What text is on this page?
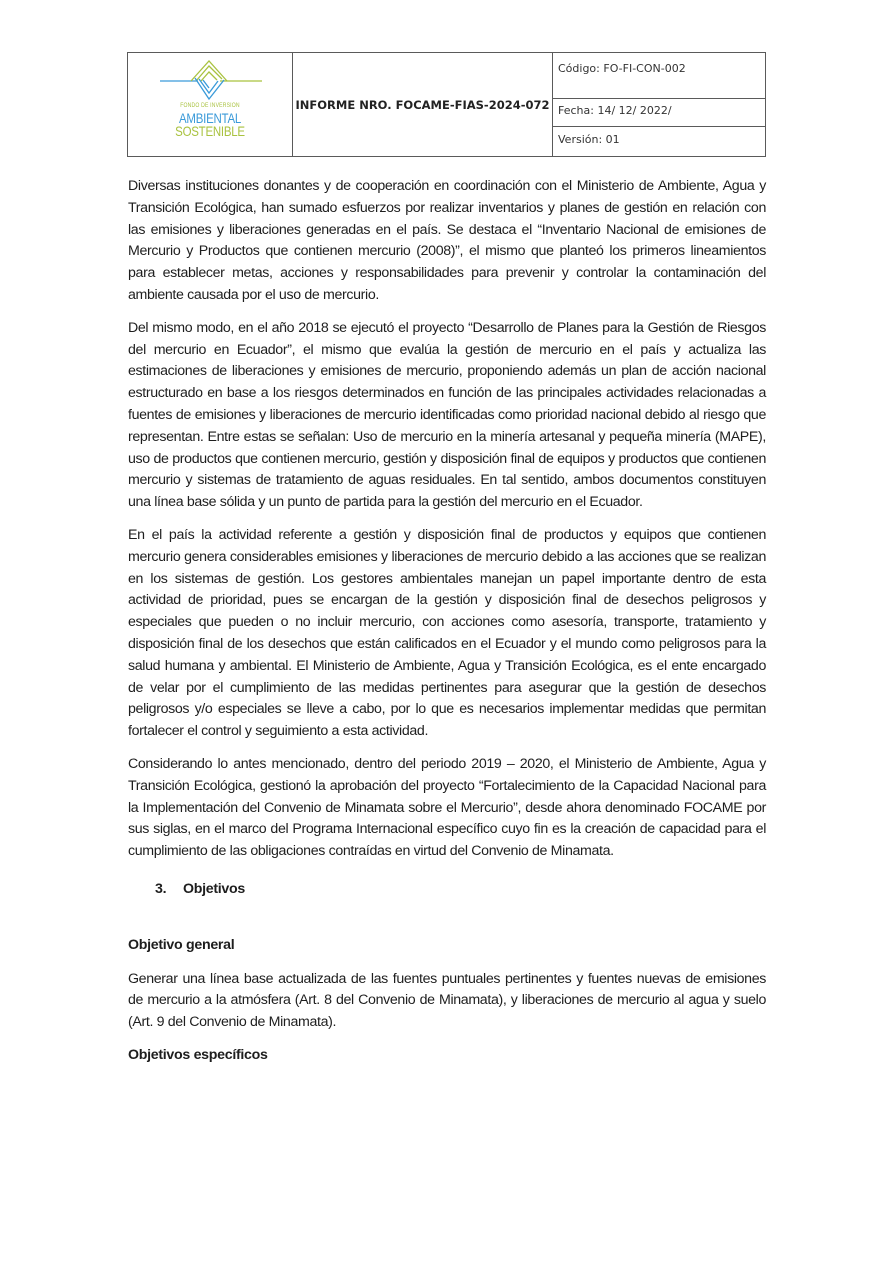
FONDO DE INVERSIÓN
AMBIENTAL
SOSTENIBLE
	INFORME NRO. FOCAME-FIAS-2024-072	Código: FO-FI-CON-002
Fecha: 14/ 12/ 2022/
Versión: 01

Diversas instituciones donantes y de cooperación en coordinación con el Ministerio de Ambiente, Agua y Transición Ecológica, han sumado esfuerzos por realizar inventarios y planes de gestión en relación con las emisiones y liberaciones generadas en el país. Se destaca el “Inventario Nacional de emisiones de Mercurio y Productos que contienen mercurio (2008)”, el mismo que planteó los primeros lineamientos para establecer metas, acciones y responsabilidades para prevenir y controlar la contaminación del ambiente causada por el uso de mercurio.

Del mismo modo, en el año 2018 se ejecutó el proyecto “Desarrollo de Planes para la Gestión de Riesgos del mercurio en Ecuador”, el mismo que evalúa la gestión de mercurio en el país y actualiza las estimaciones de liberaciones y emisiones de mercurio, proponiendo además un plan de acción nacional estructurado en base a los riesgos determinados en función de las principales actividades relacionadas a fuentes de emisiones y liberaciones de mercurio identificadas como prioridad nacional debido al riesgo que representan. Entre estas se señalan: Uso de mercurio en la minería artesanal y pequeña minería (MAPE), uso de productos que contienen mercurio, gestión y disposición final de equipos y productos que contienen mercurio y sistemas de tratamiento de aguas residuales. En tal sentido, ambos documentos constituyen una línea base sólida y un punto de partida para la gestión del mercurio en el Ecuador.

En el país la actividad referente a gestión y disposición final de productos y equipos que contienen mercurio genera considerables emisiones y liberaciones de mercurio debido a las acciones que se realizan en los sistemas de gestión. Los gestores ambientales manejan un papel importante dentro de esta actividad de prioridad, pues se encargan de la gestión y disposición final de desechos peligrosos y especiales que pueden o no incluir mercurio, con acciones como asesoría, transporte, tratamiento y disposición final de los desechos que están calificados en el Ecuador y el mundo como peligrosos para la salud humana y ambiental. El Ministerio de Ambiente, Agua y Transición Ecológica, es el ente encargado de velar por el cumplimiento de las medidas pertinentes para asegurar que la gestión de desechos peligrosos y/o especiales se lleve a cabo, por lo que es necesarios implementar medidas que permitan fortalecer el control y seguimiento a esta actividad.

Considerando lo antes mencionado, dentro del periodo 2019 – 2020, el Ministerio de Ambiente, Agua y Transición Ecológica, gestionó la aprobación del proyecto “Fortalecimiento de la Capacidad Nacional para la Implementación del Convenio de Minamata sobre el Mercurio”, desde ahora denominado FOCAME por sus siglas, en el marco del Programa Internacional específico cuyo fin es la creación de capacidad para el cumplimiento de las obligaciones contraídas en virtud del Convenio de Minamata.

3.	Objetivos
Objetivo general

Generar una línea base actualizada de las fuentes puntuales pertinentes y fuentes nuevas de emisiones de mercurio a la atmósfera (Art. 8 del Convenio de Minamata), y liberaciones de mercurio al agua y suelo (Art. 9 del Convenio de Minamata).

Objetivos específicos
